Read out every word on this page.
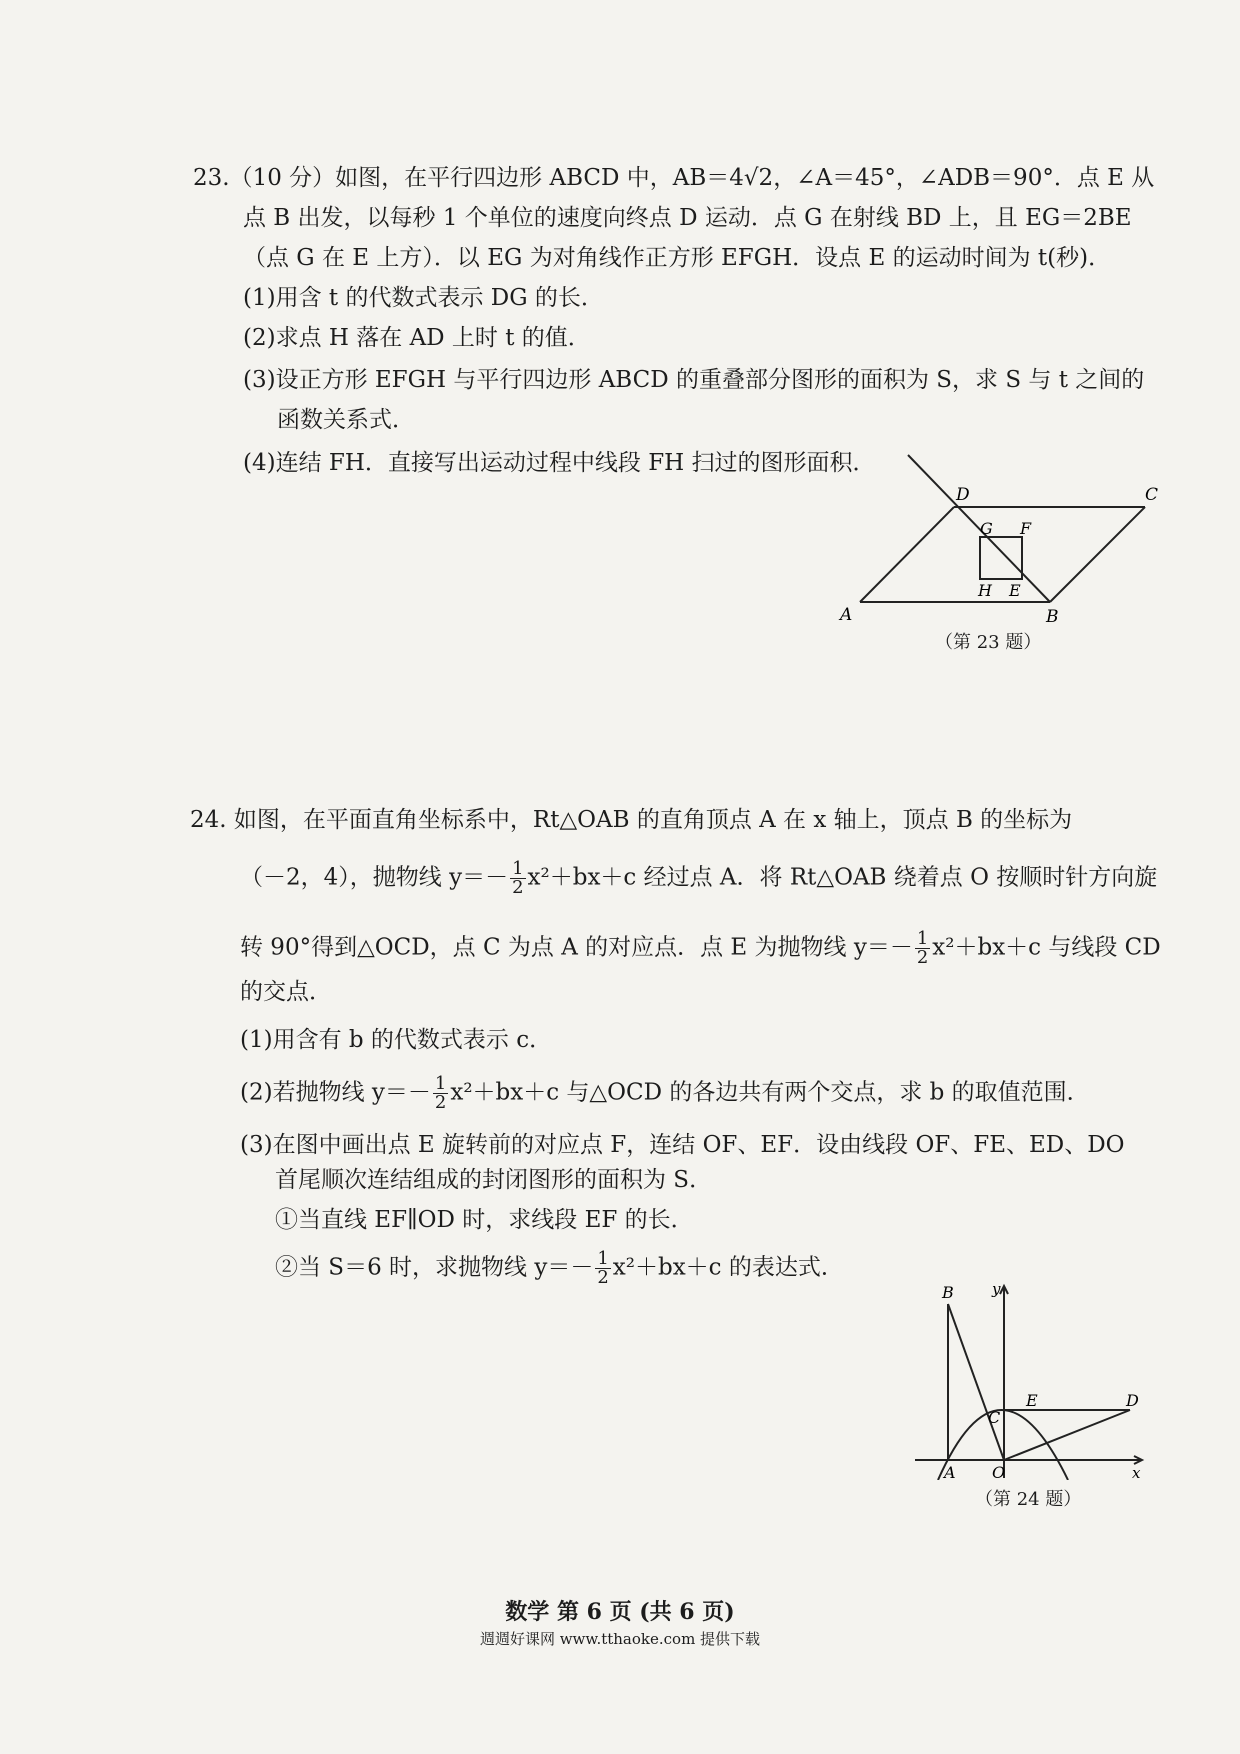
23.（10 分）如图，在平行四边形 ABCD 中，AB＝4√2，∠A＝45°，∠ADB＝90°．点 E 从
点 B 出发，以每秒 1 个单位的速度向终点 D 运动．点 G 在射线 BD 上，且 EG＝2BE
（点 G 在 E 上方）．以 EG 为对角线作正方形 EFGH．设点 E 的运动时间为 t(秒)．
(1)用含 t 的代数式表示 DG 的长．
(2)求点 H 落在 AD 上时 t 的值．
(3)设正方形 EFGH 与平行四边形 ABCD 的重叠部分图形的面积为 S，求 S 与 t 之间的
函数关系式．
(4)连结 FH．直接写出运动过程中线段 FH 扫过的图形面积．
A	B
C
D
G F
H E
（第 23 题）
24. 如图，在平面直角坐标系中，Rt△OAB 的直角顶点 A 在 x 轴上，顶点 B 的坐标为
（－2，4），抛物线 $y=- \frac{1}{2} x^2+bx+c$ 经过点 A．将 Rt△OAB 绕着点 O 按顺时针方向旋
转 90°得到△OCD，点 C 为点 A 的对应点．点 E 为抛物线 $y=- \frac{1}{2} x^2+bx+c$ 与线段 CD
的交点．
(1)用含有 b 的代数式表示 c．
(2)若抛物线 $y=- \frac{1}{2} x^2+bx+c$ 与△OCD 的各边共有两个交点，求 b 的取值范围．
(3)在图中画出点 E 旋转前的对应点 F，连结 OF、EF．设由线段 OF、FE、ED、DO
首尾顺次连结组成的封闭图形的面积为 S．
①当直线 EF∥OD 时，求线段 EF 的长．
②当 S＝6 时，求抛物线 $y=- \frac{1}{2} x^2+bx+c$ 的表达式．
B	y
C
E	D
A O	x
（第 24 题）
数学 第 6 页 (共 6 页)
週週好课网 www.tthaoke.com 提供下载
